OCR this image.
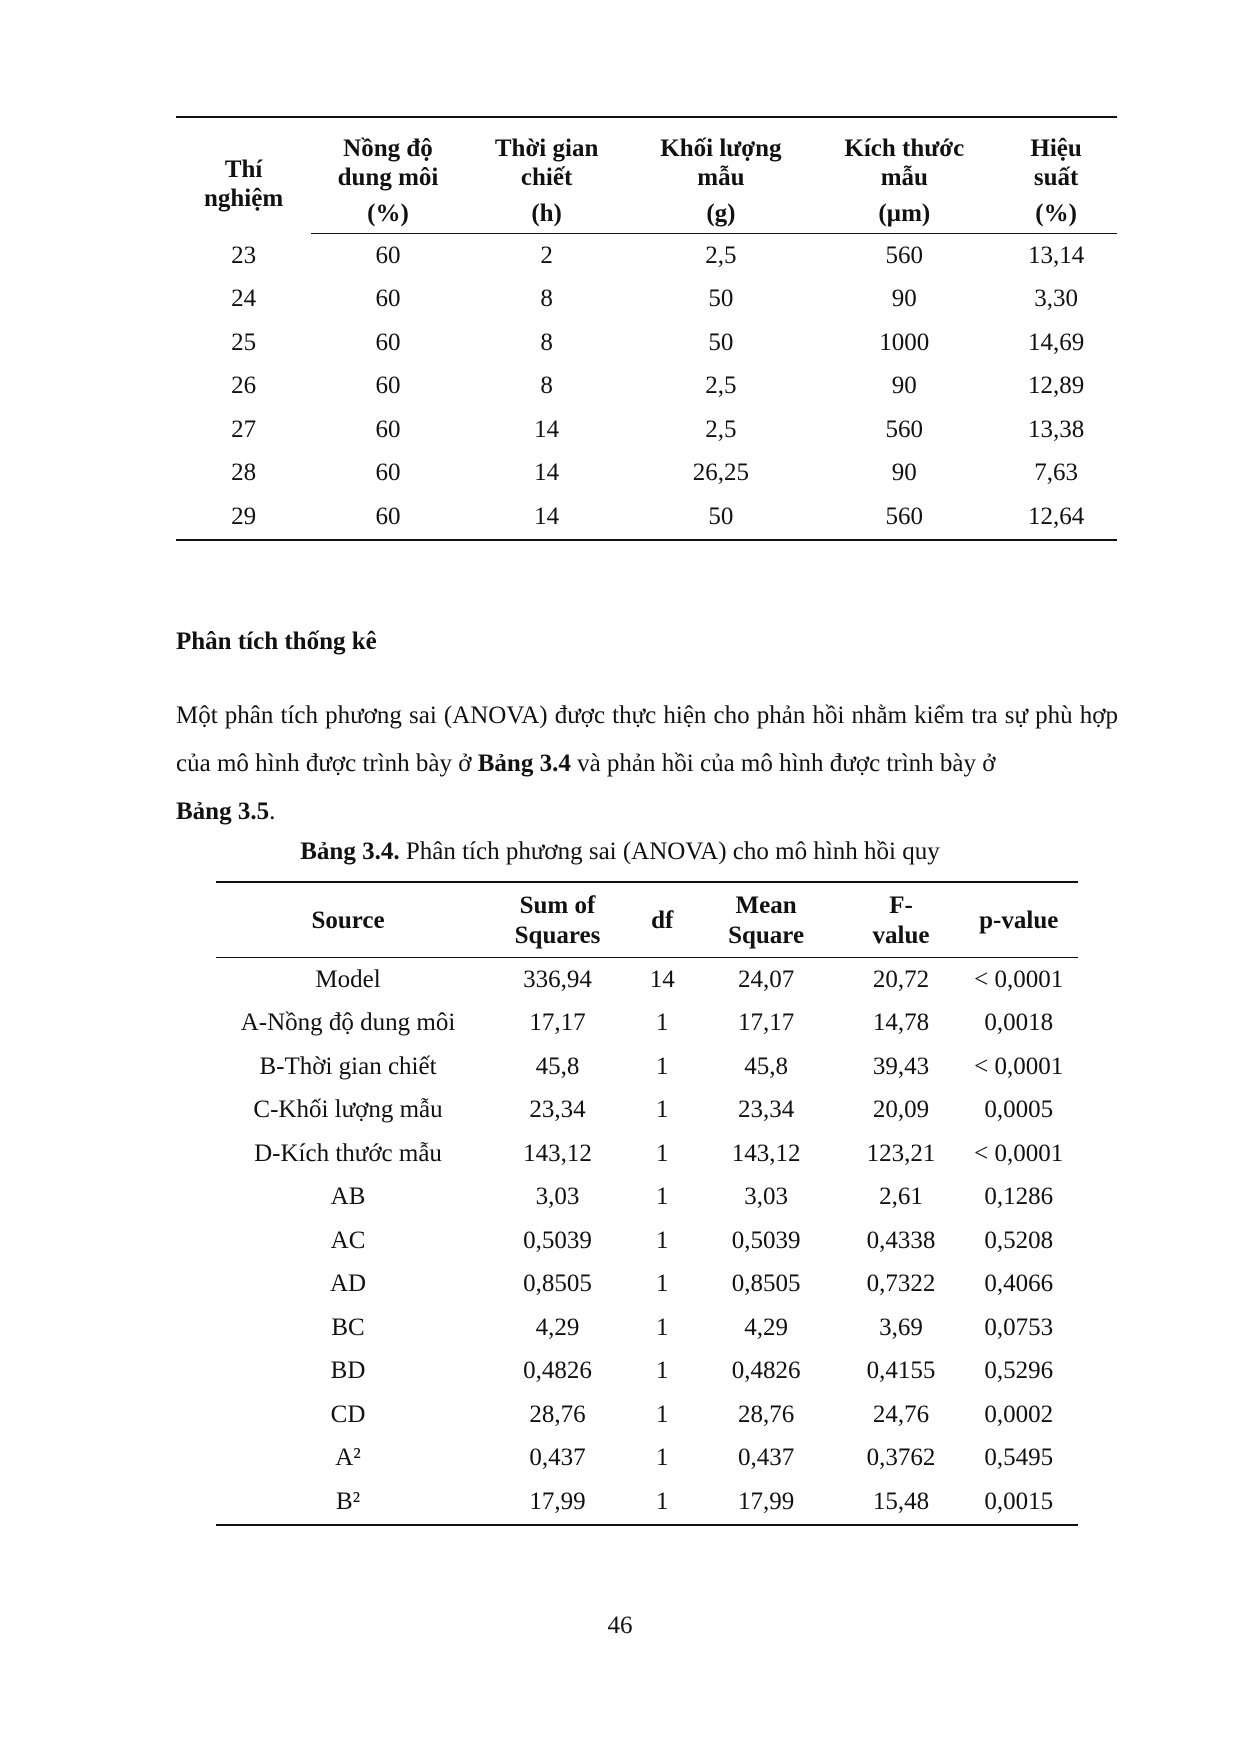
Thí nghiệm	Nồng độ dung môi	Thời gian chiết	Khối lượng mẫu	Kích thước mẫu	Hiệu suất
	(%)	(h)	(g)	(µm)	(%)
23	60	2	2,5	560	13,14
24	60	8	50	90	3,30
25	60	8	50	1000	14,69
26	60	8	2,5	90	12,89
27	60	14	2,5	560	13,38
28	60	14	26,25	90	7,63
29	60	14	50	560	12,64
Phân tích thống kê
Một phân tích phương sai (ANOVA) được thực hiện cho phản hồi nhằm kiểm tra sự phù hợp của mô hình được trình bày ở Bảng 3.4 và phản hồi của mô hình được trình bày ở
Bảng 3.5.
Bảng 3.4. Phân tích phương sai (ANOVA) cho mô hình hồi quy
Source	Sum of Squares	df	Mean Square	F-value	p-value
Model	336,94	14	24,07	20,72	< 0,0001
A-Nồng độ dung môi	17,17	1	17,17	14,78	0,0018
B-Thời gian chiết	45,8	1	45,8	39,43	< 0,0001
C-Khối lượng mẫu	23,34	1	23,34	20,09	0,0005
D-Kích thước mẫu	143,12	1	143,12	123,21	< 0,0001
AB	3,03	1	3,03	2,61	0,1286
AC	0,5039	1	0,5039	0,4338	0,5208
AD	0,8505	1	0,8505	0,7322	0,4066
BC	4,29	1	4,29	3,69	0,0753
BD	0,4826	1	0,4826	0,4155	0,5296
CD	28,76	1	28,76	24,76	0,0002
A²	0,437	1	0,437	0,3762	0,5495
B²	17,99	1	17,99	15,48	0,0015
46
